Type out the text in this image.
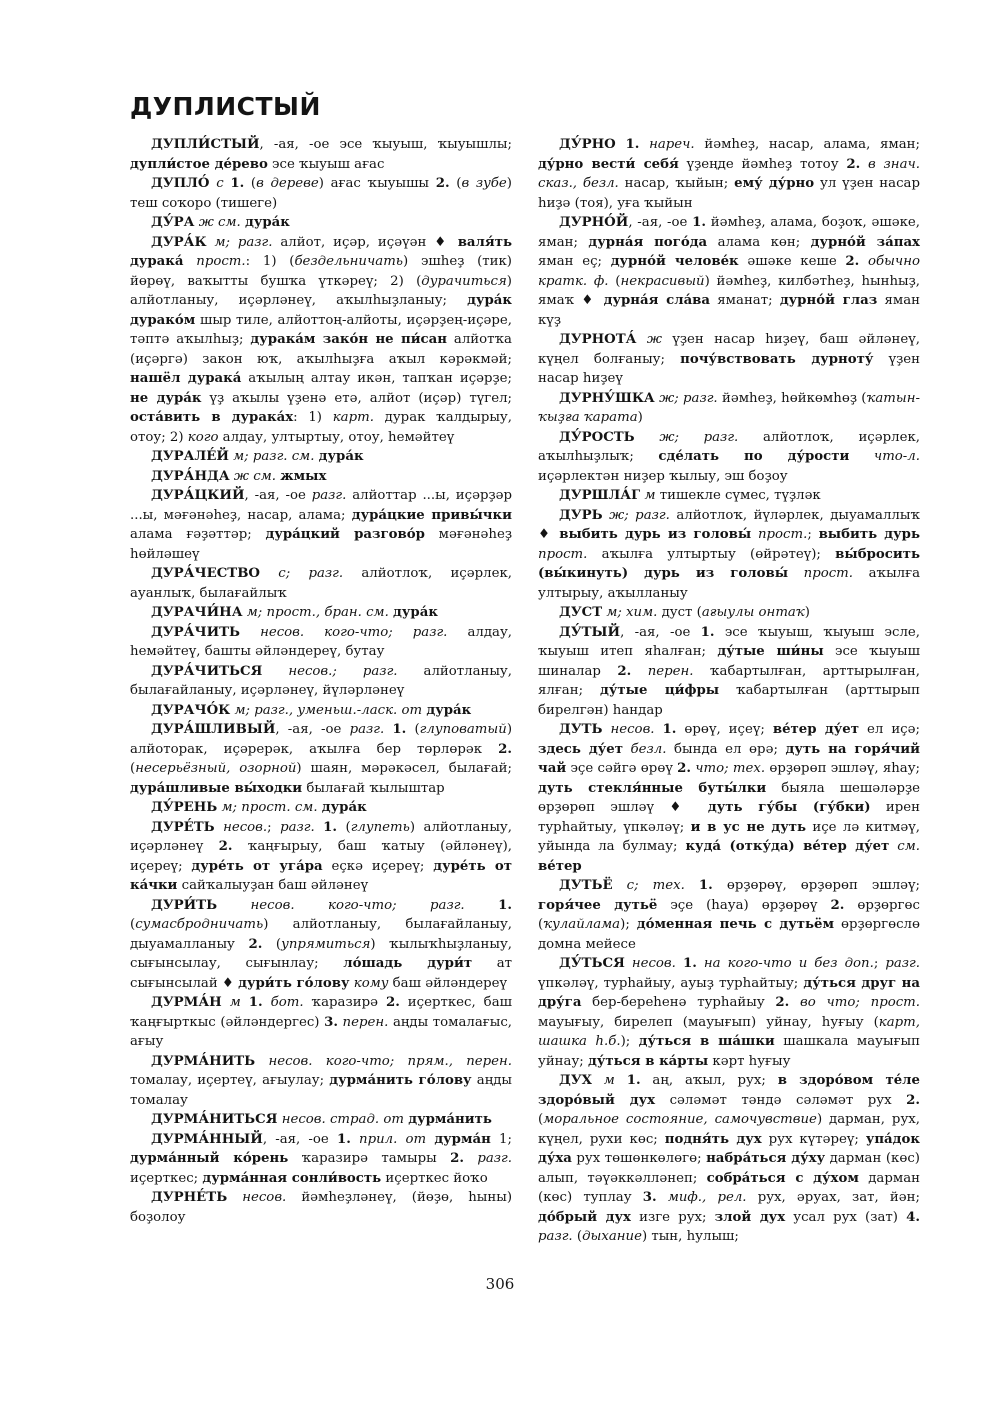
ДУПЛИСТЫЙ

ДУПЛИ́СТЫЙ, -ая, -ое эсе ҡыуыш, ҡыуышлы; дупли́стое де́рево эсе ҡыуыш ағас

ДУПЛО́ с 1. (в дереве) ағас ҡыуышы 2. (в зубе) теш соҡоро (тишеге)

ДУ́РА ж см. дура́к

ДУРА́К м; разг. алйот, иҫәр, иҫәүән ♦ валя́ть дурака́ прост.: 1) (бездельничать) эшһеҙ (тик) йөрөү, ваҡытты бушҡа үткәреү; 2) (дурачиться) алйотланыу, иҫәрләнеү, аҡылһыҙланыу; дура́к дурако́м шыр тиле, алйоттоң-алйоты, иҫәрҙең-иҫәре, тәптә аҡылһыҙ; дурака́м зако́н не пи́сан алйотҡа (иҫәргә) закон юҡ, аҡылһыҙға аҡыл кәрәкмәй; нашёл дурака́ аҡылың алтау икән, тапҡан иҫәрҙе; не дура́к үҙ аҡылы үҙенә етә, алйот (иҫәр) түгел; оста́вить в дурака́х: 1) карт. дурак ҡалдырыу, отоу; 2) кого алдау, ултыртыу, отоу, һемәйтеү

ДУРАЛЕ́Й м; разг. см. дура́к

ДУРА́НДА ж см. жмых

ДУРА́ЦКИЙ, -ая, -ое разг. алйоттар ...ы, иҫәрҙәр ...ы, мәғәнәһеҙ, насар, алама; дура́цкие привы́чки алама ғәҙәттәр; дура́цкий разгово́р мәғәнәһеҙ һөйләшеү

ДУРА́ЧЕСТВО с; разг. алйотлоҡ, иҫәрлек, ауанлыҡ, былағайлыҡ

ДУРАЧИ́НА м; прост., бран. см. дура́к

ДУРА́ЧИТЬ несов. кого-что; разг. алдау, һемәйтеү, башты әйләндереү, бутау

ДУРА́ЧИТЬСЯ несов.; разг. алйотланыу, былағайланыу, иҫәрләнеү, йүләрләнеү

ДУРАЧО́К м; разг., уменьш.-ласк. от дура́к

ДУРА́ШЛИВЫЙ, -ая, -ое разг. 1. (глуповатый) алйоторак, иҫәрерәк, аҡылға бер төрлөрәк 2. (несерьёзный, озорной) шаян, мәрәкәсел, былағай; дура́шливые вы́ходки былағай ҡылыштар

ДУ́РЕНЬ м; прост. см. дура́к

ДУРЕ́ТЬ несов.; разг. 1. (глупеть) алйотланыу, иҫәрләнеү 2. ҡаңғырыу, баш ҡатыу (әйләнеү), иҫереү; дуре́ть от уга́ра еҫкә иҫереү; дуре́ть от ка́чки сайҡалыуҙан баш әйләнеү

ДУРИ́ТЬ	несов. кого-что; разг.	1. (сумасбродничать) алйотланыу, былағайланыу, дыуамалланыу 2. (упрямиться) ҡылыҡһыҙланыу, сығынсылау, сығынлау; ло́шадь дури́т ат сығынсылай ♦ дури́ть го́лову кому баш әйләндереү

ДУРМА́Н м 1. бот. ҡаразирә 2. иҫерткес, баш ҡаңғырткыс (әйләндергес) 3. перен. аңды томалағыс, ағыу

ДУРМА́НИТЬ несов. кого-что; прям., перен. томалау, иҫертеү, ағыулау; дурма́нить го́лову аңды томалау

ДУРМА́НИТЬСЯ несов. страд. от дурма́нить

ДУРМА́ННЫЙ, -ая, -ое 1. прил. от дурма́н 1; дурма́нный ко́рень ҡаразирә тамыры 2. разг. иҫерткес; дурма́нная сонли́вость иҫерткес йоҡо

ДУРНЕ́ТЬ несов. йәмһеҙләнеү, (йөҙө, һыны) боҙолоу

ДУ́РНО 1. нареч. йәмһеҙ, насар, алама, яман; ду́рно вести́ себя́ үҙеңде йәмһеҙ тотоу 2. в знач. сказ., безл. насар, ҡыйын; ему́ ду́рно ул үҙен насар һиҙә (тоя), уға ҡыйын

ДУРНО́Й, -ая, -ое 1. йәмһеҙ, алама, боҙоҡ, әшәке, яман; дурна́я пого́да алама көн; дурно́й за́пах яман еҫ; дурно́й челове́к әшәке кеше 2. обычно кратк. ф. (некрасивый) йәмһеҙ, килбәтһеҙ, һынһыҙ, ямаҡ ♦ дурна́я сла́ва яманат; дурно́й глаз яман күҙ

ДУРНОТА́ ж үҙен насар һиҙеү, баш әйләнеү, күңел болғаныу; почу́вствовать дурноту́ үҙен насар һиҙеү

ДУРНУ́ШКА ж; разг. йәмһеҙ, һөйкөмһөҙ (ҡатын-ҡыҙға ҡарата)

ДУ́РОСТЬ ж; разг. алйотлоҡ, иҫәрлек, аҡылһыҙлыҡ; сде́лать по ду́рости что-л. иҫәрлектән ниҙер ҡылыу, эш боҙоу

ДУРШЛА́Г м тишекле сүмес, түҙләк

ДУРЬ ж; разг. алйотлоҡ, йүләрлек, дыуамаллыҡ ♦ выбить дурь из головы́ прост.; выбить дурь прост. аҡылға ултыртыу (өйрәтеү); вы́бросить (вы́кинуть) дурь из головы́ прост. аҡылға ултырыу, аҡылланыу

ДУСТ м; хим. дуст (ағыулы онтаҡ)

ДУ́ТЫЙ, -ая, -ое 1. эсе ҡыуыш, ҡыуыш эсле, ҡыуыш итеп яһалған; ду́тые ши́ны эсе ҡыуыш шиналар 2. перен. ҡабартылған, арттырылған, ялған; ду́тые ци́фры ҡабартылған (арттырып бирелгән) һандар

ДУТЬ несов. 1. өрөү, иҫеү; ве́тер ду́ет ел иҫә; здесь ду́ет безл. бында ел өрә; дуть на горя́чий чай эҫе сәйгә өрөү 2. что; тех. өрҙөрөп эшләү, яһау; дуть стекля́нные буты́лки быяла шешәләрҙе өрҙөрөп эшләү ♦ дуть гу́бы (гу́бки) ирен турһайтыу, үпкәләү; и в ус не дуть иҫе лә китмәү, уйында ла булмау; куда́ (отку́да) ве́тер ду́ет см. ве́тер

ДУТЬЁ с; тех. 1. өрҙөрөү, өрҙөрөп эшләү; горя́чее дутьё эҫе (һауа) өрҙөрөү 2. өрҙөргөс (ҡулайлама); до́менная печь с дутьём өрҙөргөслө домна мейесе

ДУ́ТЬСЯ несов. 1. на кого-что и без доп.; разг. үпкәләү, турһайыу, ауыҙ турһайтыу; ду́ться друг на дру́га бер-береһенә турһайыу 2. во что; прост. мауығыу, бирелеп (мауығып) уйнау, һуғыу (карт, шашка h.б.); ду́ться в ша́шки шашкала мауығып уйнау; ду́ться в ка́рты кәрт һуғыу

ДУХ м 1. аң, аҡыл, рух; в здоро́вом те́ле здоро́вый дух сәләмәт тәндә сәләмәт рух 2. (моральное состояние, самочувствие) дарман, рух, күңел, рухи көс; подня́ть дух рух күтәреү; упа́док ду́ха рух төшөнкөлөгө; набра́ться ду́ху дарман (көс) алып, тәүәккәлләнеп; собра́ться с ду́хом дарман (көс) туплау 3. миф., рел. рух, әруах, зат, йән; до́брый дух изге рух; злой дух усал рух (зат) 4. разг. (дыхание) тын, һулыш;

306
